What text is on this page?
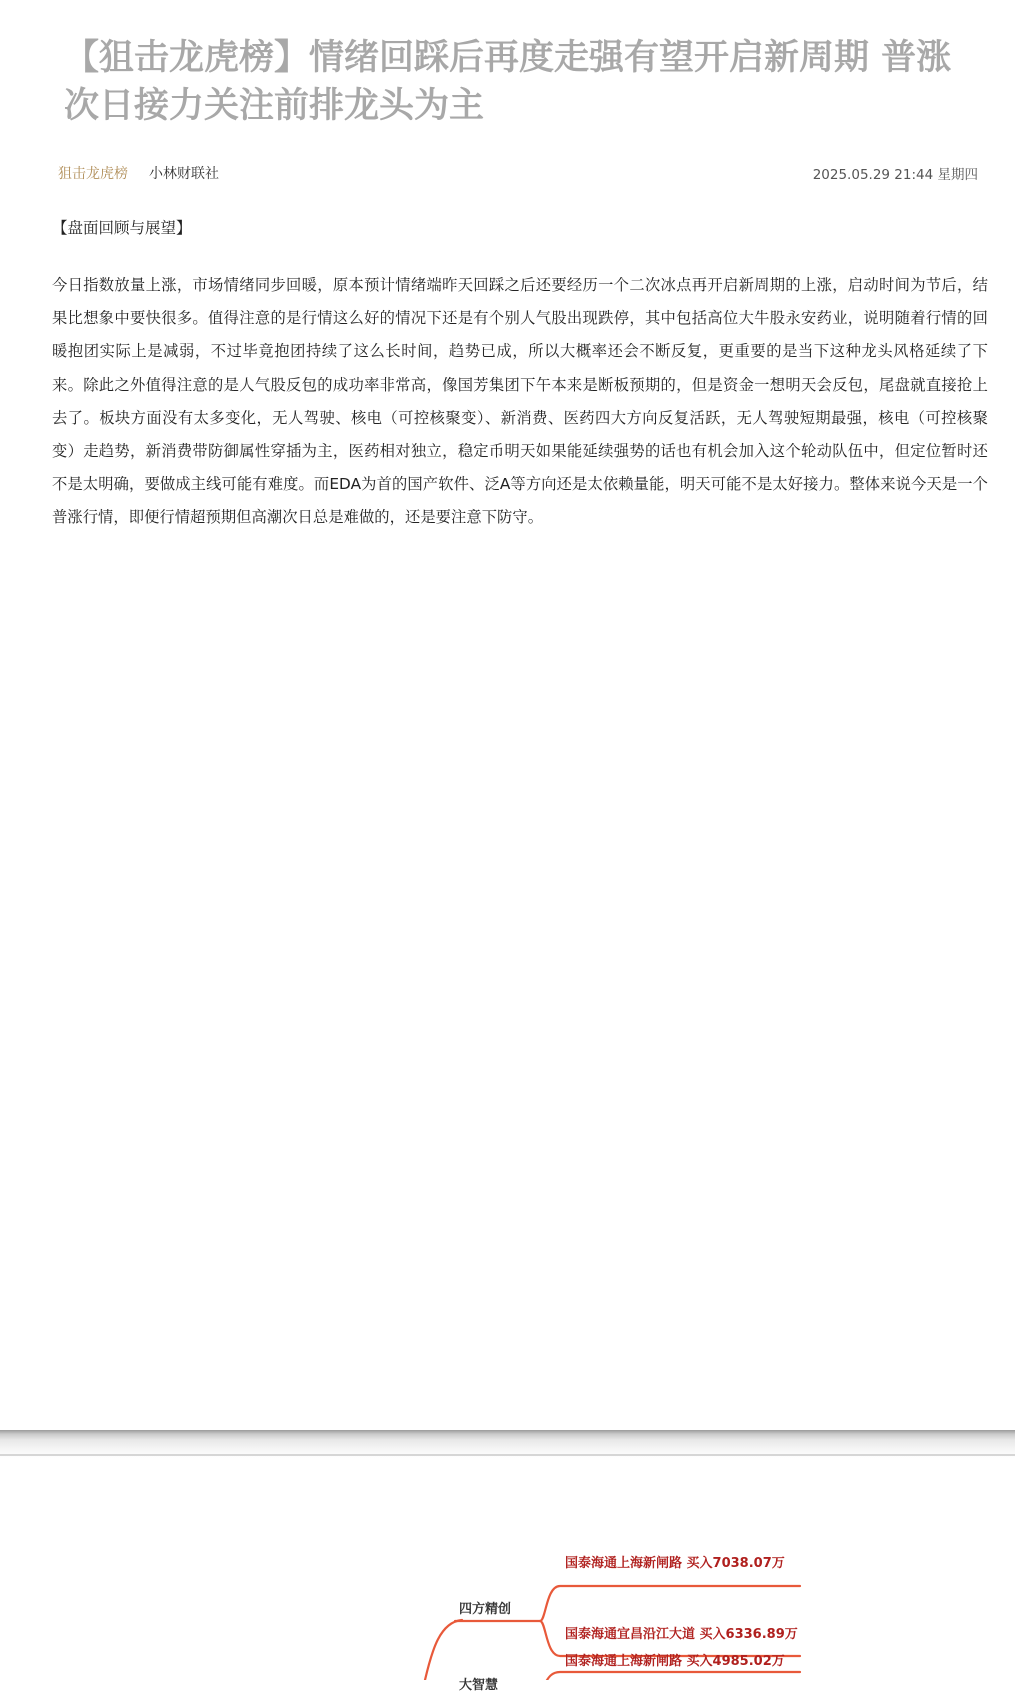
【狙击龙虎榜】情绪回踩后再度走强有望开启新周期 普涨次日接力关注前排龙头为主
狙击龙虎榜 小林财联社	2025.05.29 21:44 星期四
【盘面回顾与展望】

今日指数放量上涨，市场情绪同步回暖，原本预计情绪端昨天回踩之后还要经历一个二次冰点再开启新周期的上涨，启动时间为节后，结果比想象中要快很多。值得注意的是行情这么好的情况下还是有个别人气股出现跌停，其中包括高位大牛股永安药业，说明随着行情的回暖抱团实际上是减弱，不过毕竟抱团持续了这么长时间，趋势已成，所以大概率还会不断反复，更重要的是当下这种龙头风格延续了下来。除此之外值得注意的是人气股反包的成功率非常高，像国芳集团下午本来是断板预期的，但是资金一想明天会反包，尾盘就直接抢上去了。板块方面没有太多变化，无人驾驶、核电（可控核聚变）、新消费、医药四大方向反复活跃，无人驾驶短期最强，核电（可控核聚变）走趋势，新消费带防御属性穿插为主，医药相对独立，稳定币明天如果能延续强势的话也有机会加入这个轮动队伍中，但定位暂时还不是太明确，要做成主线可能有难度。而EDA为首的国产软件、泛A等方向还是太依赖量能，明天可能不是太好接力。整体来说今天是一个普涨行情，即便行情超预期但高潮次日总是难做的，还是要注意下防守。

四方精创
国泰海通上海新闸路 买入7038.07万
国泰海通宜昌沿江大道 买入6336.89万
国泰海通上海新闸路 买入4985.02万
大智慧
